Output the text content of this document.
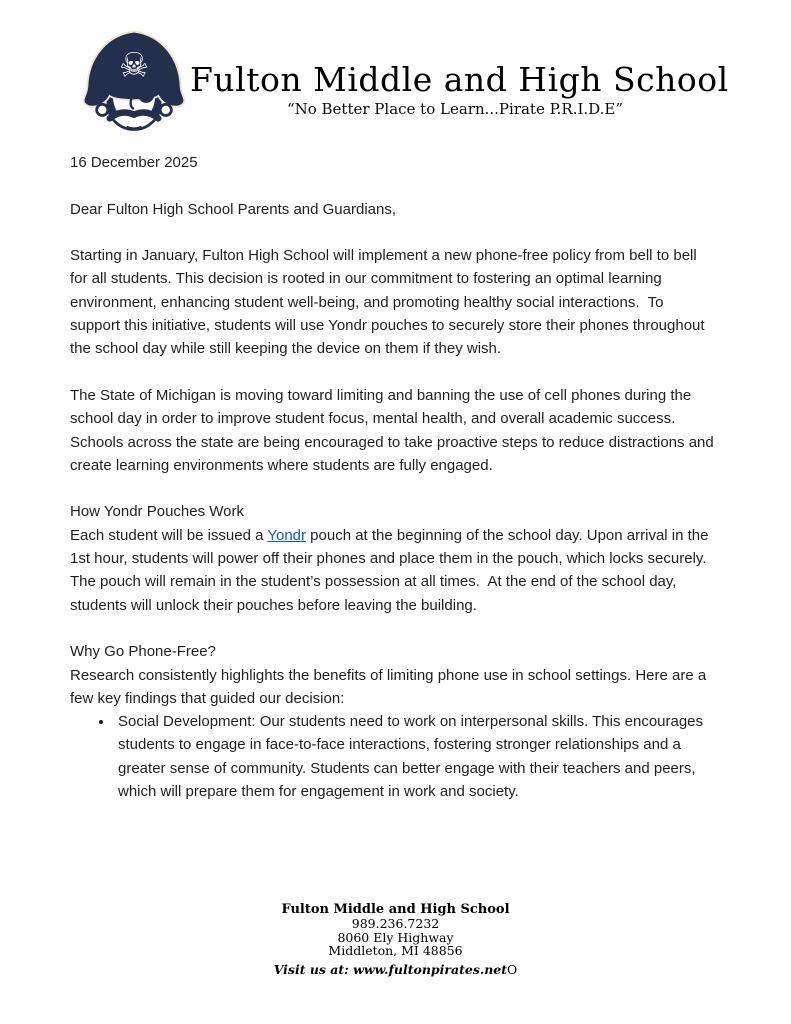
☠ Fulton Middle and High School
“No Better Place to Learn...Pirate P.R.I.D.E”

16 December 2025

Dear Fulton High School Parents and Guardians,

Starting in January, Fulton High School will implement a new phone-free policy from bell to bell for all students. This decision is rooted in our commitment to fostering an optimal learning environment, enhancing student well-being, and promoting healthy social interactions.  To support this initiative, students will use Yondr pouches to securely store their phones throughout the school day while still keeping the device on them if they wish.

The State of Michigan is moving toward limiting and banning the use of cell phones during the school day in order to improve student focus, mental health, and overall academic success. Schools across the state are being encouraged to take proactive steps to reduce distractions and create learning environments where students are fully engaged.

How Yondr Pouches Work

Each student will be issued a Yondr pouch at the beginning of the school day. Upon arrival in the 1st hour, students will power off their phones and place them in the pouch, which locks securely.  The pouch will remain in the student’s possession at all times.  At the end of the school day, students will unlock their pouches before leaving the building.

Why Go Phone-Free?

Research consistently highlights the benefits of limiting phone use in school settings. Here are a few key findings that guided our decision:

• Social Development: Our students need to work on interpersonal skills. This encourages students to engage in face-to-face interactions, fostering stronger relationships and a greater sense of community. Students can better engage with their teachers and peers, which will prepare them for engagement in work and society.
Fulton Middle and High School
989.236.7232
8060 Ely Highway
Middleton, MI 48856
Visit us at: www.fultonpirates.netO
